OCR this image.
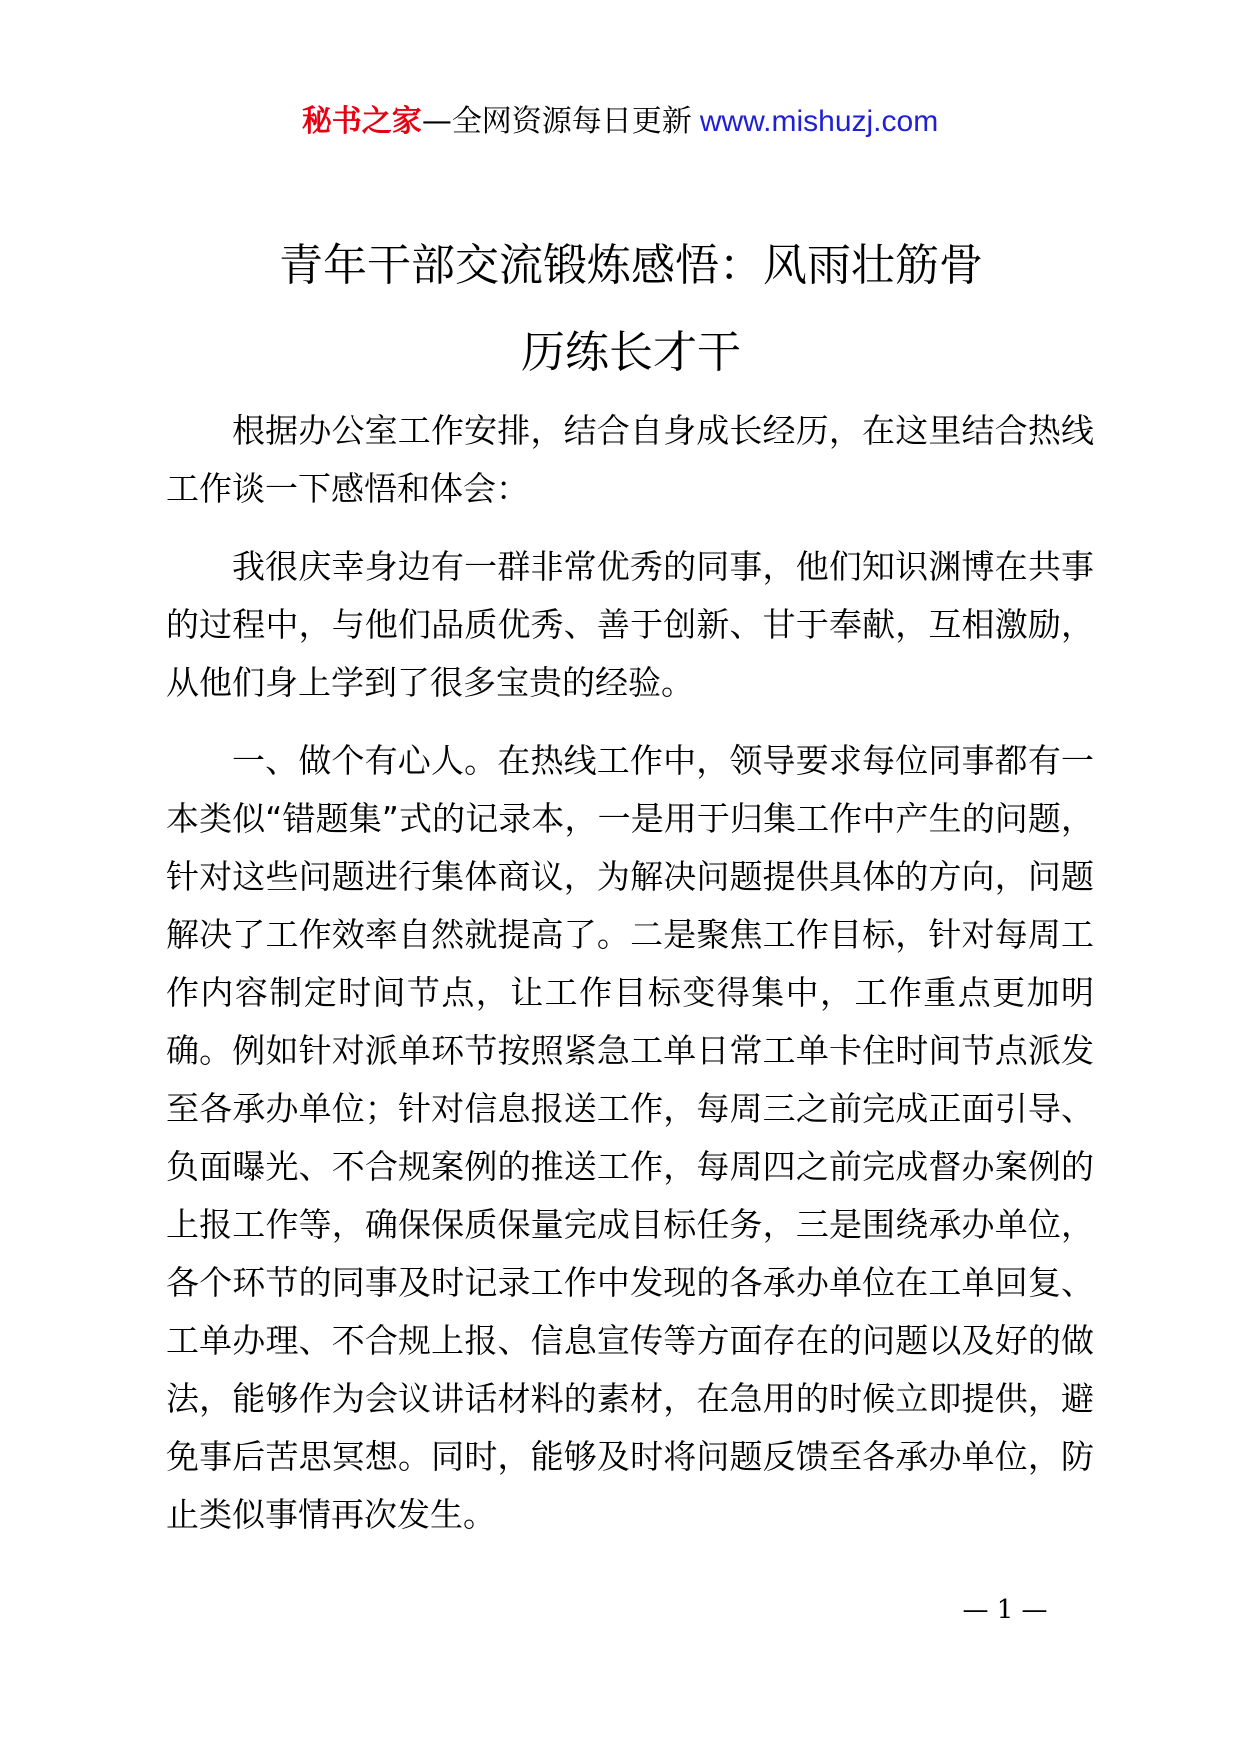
秘书之家—全网资源每日更新 www.mishuzj.com
青年干部交流锻炼感悟：风雨壮筋骨
历练长才干

根据办公室工作安排，结合自身成长经历，在这里结合热线工作谈一下感悟和体会：

我很庆幸身边有一群非常优秀的同事，他们知识渊博在共事的过程中，与他们品质优秀、善于创新、甘于奉献，互相激励，从他们身上学到了很多宝贵的经验。

一、做个有心人。在热线工作中，领导要求每位同事都有一本类似“错题集”式的记录本，一是用于归集工作中产生的问题，针对这些问题进行集体商议，为解决问题提供具体的方向，问题解决了工作效率自然就提高了。二是聚焦工作目标，针对每周工作内容制定时间节点，让工作目标变得集中，工作重点更加明确。例如针对派单环节按照紧急工单日常工单卡住时间节点派发至各承办单位；针对信息报送工作，每周三之前完成正面引导、负面曝光、不合规案例的推送工作，每周四之前完成督办案例的上报工作等，确保保质保量完成目标任务，三是围绕承办单位，各个环节的同事及时记录工作中发现的各承办单位在工单回复、工单办理、不合规上报、信息宣传等方面存在的问题以及好的做法，能够作为会议讲话材料的素材，在急用的时候立即提供，避免事后苦思冥想。同时，能够及时将问题反馈至各承办单位，防止类似事情再次发生。

— 1 —
